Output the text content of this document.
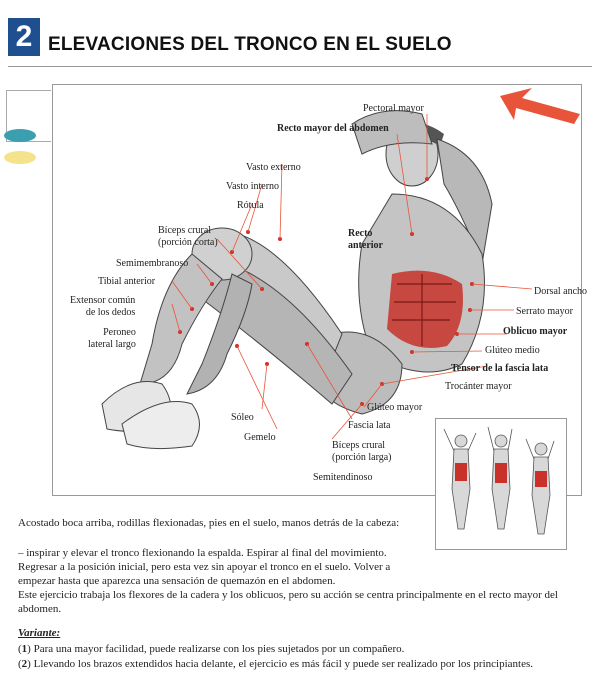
2 ELEVACIONES DEL TRONCO EN EL SUELO
Pectoral mayor
Recto mayor del abdomen
Vasto externo
Vasto interno
Rótula
Bíceps crural
(porción corta)
Recto
anterior
Semimembranoso
Tibial anterior
Extensor común
de los dedos
Peroneo
lateral largo
Dorsal ancho
Serrato mayor
Oblicuo mayor
Glúteo medio
Tensor de la fascia lata
Trocánter mayor
Glúteo mayor
Sóleo
Fascia lata
Gemelo
Bíceps crural
(porción larga)
Semitendinoso
Acostado boca arriba, rodillas flexionadas, pies en el suelo, manos detrás de la cabeza:
– inspirar y elevar el tronco flexionando la espalda. Espirar al final del movimiento. Regresar a la posición inicial, pero esta vez sin apoyar el tronco en el suelo. Volver a empezar hasta que aparezca una sensación de quemazón en el abdomen.
Este ejercicio trabaja los flexores de la cadera y los oblicuos, pero su acción se centra principalmente en el recto mayor del abdomen.
Variante:
(1) Para una mayor facilidad, puede realizarse con los pies sujetados por un compañero.
(2) Llevando los brazos extendidos hacia delante, el ejercicio es más fácil y puede ser realizado por los principiantes.
